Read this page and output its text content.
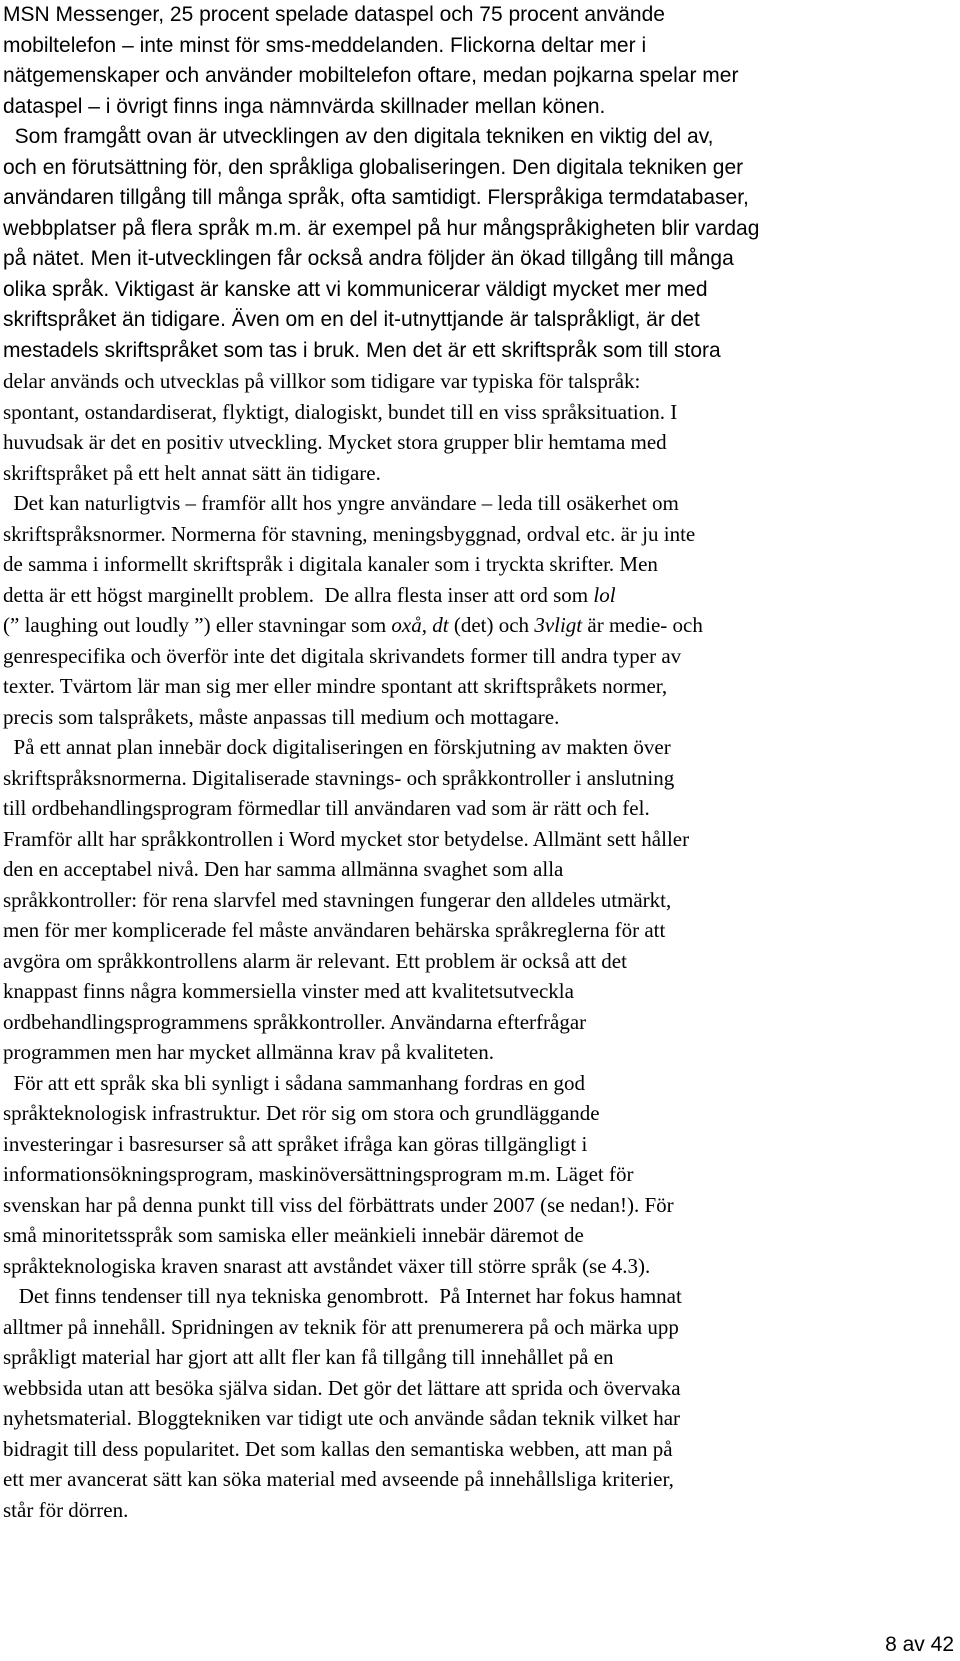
MSN Messenger, 25 procent spelade dataspel och 75 procent använde
mobiltelefon – inte minst för sms-meddelanden. Flickorna deltar mer i
nätgemenskaper och använder mobiltelefon oftare, medan pojkarna spelar mer
dataspel – i övrigt finns inga nämnvärda skillnader mellan könen.
Som framgått ovan är utvecklingen av den digitala tekniken en viktig del av,
och en förutsättning för, den språkliga globaliseringen. Den digitala tekniken ger
användaren tillgång till många språk, ofta samtidigt. Flerspråkiga termdatabaser,
webbplatser på flera språk m.m. är exempel på hur mångspråkigheten blir vardag
på nätet. Men it-utvecklingen får också andra följder än ökad tillgång till många
olika språk. Viktigast är kanske att vi kommunicerar väldigt mycket mer med
skriftspråket än tidigare. Även om en del it-utnyttjande är talspråkligt, är det
mestadels skriftspråket som tas i bruk. Men det är ett skriftspråk som till stora
delar används och utvecklas på villkor som tidigare var typiska för talspråk:
spontant, ostandardiserat, flyktigt, dialogiskt, bundet till en viss språksituation. I
huvudsak är det en positiv utveckling. Mycket stora grupper blir hemtama med
skriftspråket på ett helt annat sätt än tidigare.
Det kan naturligtvis – framför allt hos yngre användare – leda till osäkerhet om
skriftspråksnormer. Normerna för stavning, meningsbyggnad, ordval etc. är ju inte
de samma i informellt skriftspråk i digitala kanaler som i tryckta skrifter. Men
detta är ett högst marginellt problem.  De allra flesta inser att ord som lol
(” laughing out loudly ”) eller stavningar som oxå, dt (det) och 3vligt är medie- och
genrespecifika och överför inte det digitala skrivandets former till andra typer av
texter. Tvärtom lär man sig mer eller mindre spontant att skriftspråkets normer,
precis som talspråkets, måste anpassas till medium och mottagare.
På ett annat plan innebär dock digitaliseringen en förskjutning av makten över
skriftspråksnormerna. Digitaliserade stavnings- och språkkontroller i anslutning
till ordbehandlingsprogram förmedlar till användaren vad som är rätt och fel.
Framför allt har språkkontrollen i Word mycket stor betydelse. Allmänt sett håller
den en acceptabel nivå. Den har samma allmänna svaghet som alla
språkkontroller: för rena slarvfel med stavningen fungerar den alldeles utmärkt,
men för mer komplicerade fel måste användaren behärska språkreglerna för att
avgöra om språkkontrollens alarm är relevant. Ett problem är också att det
knappast finns några kommersiella vinster med att kvalitetsutveckla
ordbehandlingsprogrammens språkkontroller. Användarna efterfrågar
programmen men har mycket allmänna krav på kvaliteten.
För att ett språk ska bli synligt i sådana sammanhang fordras en god
språkteknologisk infrastruktur. Det rör sig om stora och grundläggande
investeringar i basresurser så att språket ifråga kan göras tillgängligt i
informationsökningsprogram, maskinöversättningsprogram m.m. Läget för
svenskan har på denna punkt till viss del förbättrats under 2007 (se nedan!). För
små minoritetsspråk som samiska eller meänkieli innebär däremot de
språkteknologiska kraven snarast att avståndet växer till större språk (se 4.3).
Det finns tendenser till nya tekniska genombrott.  På Internet har fokus hamnat
alltmer på innehåll. Spridningen av teknik för att prenumerera på och märka upp
språkligt material har gjort att allt fler kan få tillgång till innehållet på en
webbsida utan att besöka själva sidan. Det gör det lättare att sprida och övervaka
nyhetsmaterial. Bloggtekniken var tidigt ute och använde sådan teknik vilket har
bidragit till dess popularitet. Det som kallas den semantiska webben, att man på
ett mer avancerat sätt kan söka material med avseende på innehållsliga kriterier,
står för dörren.
8 av 42
